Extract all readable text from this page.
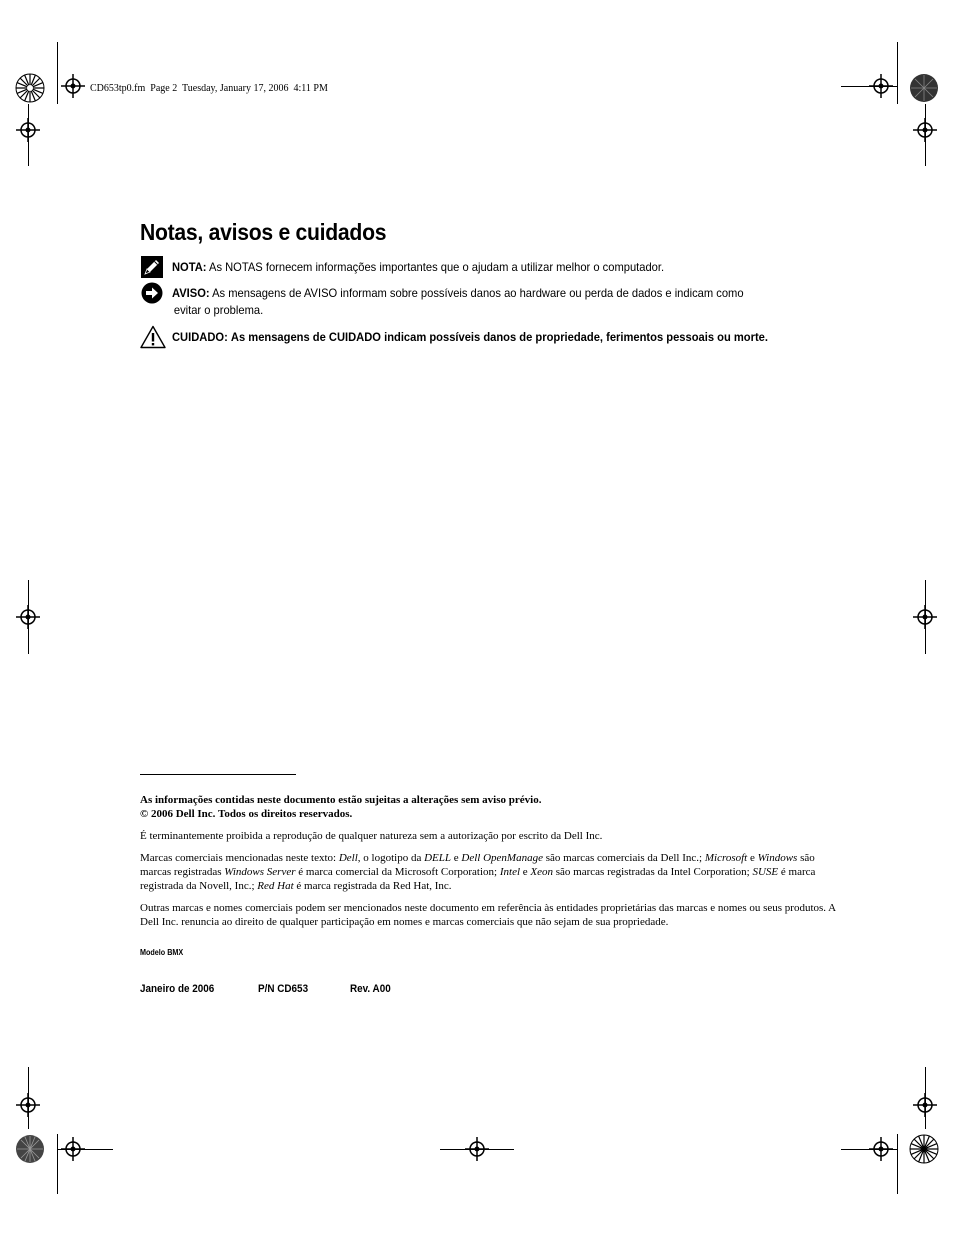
CD653tp0.fm  Page 2  Tuesday, January 17, 2006  4:11 PM
Notas, avisos e cuidados
NOTA: As NOTAS fornecem informações importantes que o ajudam a utilizar melhor o computador.
AVISO: As mensagens de AVISO informam sobre possíveis danos ao hardware ou perda de dados e indicam como
evitar o problema.
CUIDADO: As mensagens de CUIDADO indicam possíveis danos de propriedade, ferimentos pessoais ou morte.
As informações contidas neste documento estão sujeitas a alterações sem aviso prévio.
© 2006 Dell Inc. Todos os direitos reservados.
É terminantemente proibida a reprodução de qualquer natureza sem a autorização por escrito da Dell Inc.
Marcas comerciais mencionadas neste texto: Dell, o logotipo da DELL e Dell OpenManage são marcas comerciais da Dell Inc.; Microsoft e Windows são marcas registradas Windows Server é marca comercial da Microsoft Corporation; Intel e Xeon são marcas registradas da Intel Corporation; SUSE é marca registrada da Novell, Inc.; Red Hat é marca registrada da Red Hat, Inc.
Outras marcas e nomes comerciais podem ser mencionados neste documento em referência às entidades proprietárias das marcas e nomes ou seus produtos. A Dell Inc. renuncia ao direito de qualquer participação em nomes e marcas comerciais que não sejam de sua propriedade.
Modelo BMX
Janeiro de 2006	P/N CD653	Rev. A00
